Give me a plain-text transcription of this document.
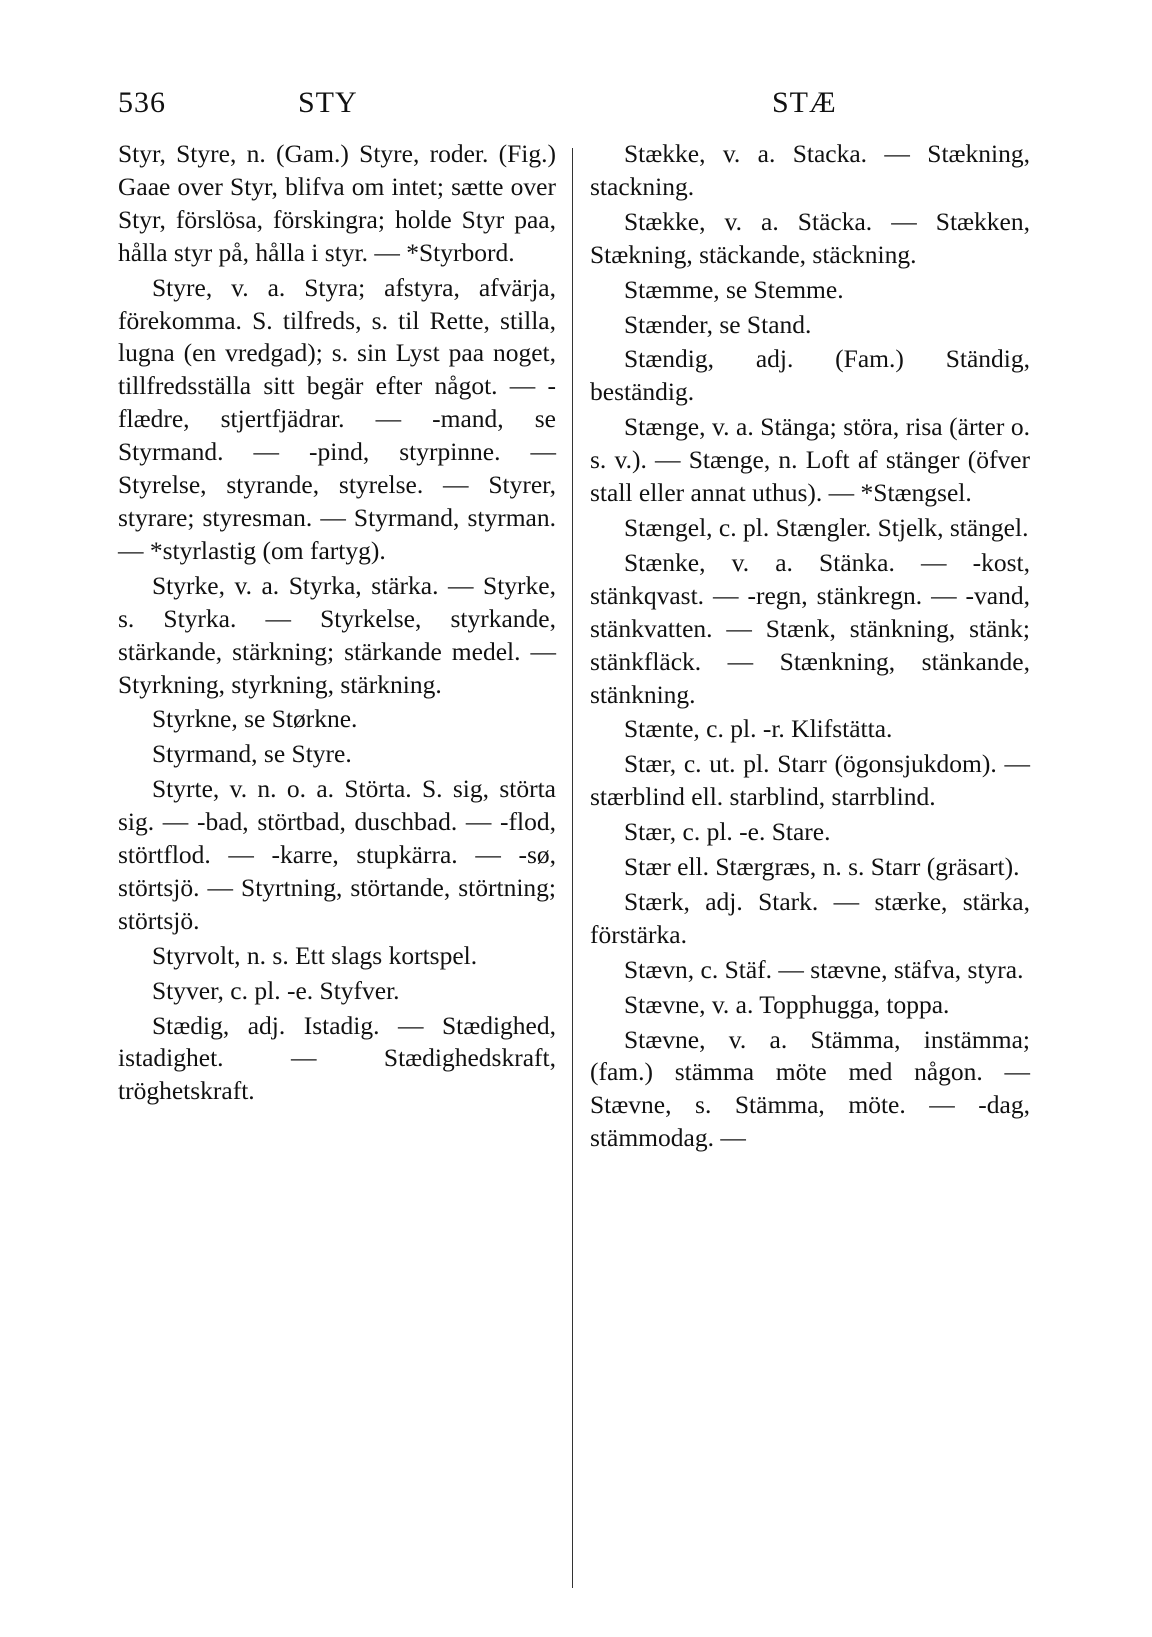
536	STY	STÆ

Styr, Styre, n. (Gam.) Styre, roder. (Fig.) Gaae over Styr, blifva om intet; sætte over Styr, förslösa, förskingra; holde Styr paa, hålla styr på, hålla i styr. — *Styrbord.

Styre, v. a. Styra; afstyra, afvärja, förekomma. S. tilfreds, s. til Rette, stilla, lugna (en vredgad); s. sin Lyst paa noget, tillfredsställa sitt begär efter något. — -flædre, stjertfjädrar. — -mand, se Styrmand. — -pind, styrpinne. — Styrelse, styrande, styrelse. — Styrer, styrare; styresman. — Styrmand, styrman. — *styrlastig (om fartyg).

Styrke, v. a. Styrka, stärka. — Styrke, s. Styrka. — Styrkelse, styrkande, stärkande, stärkning; stärkande medel. — Styrkning, styrkning, stärkning.

Styrkne, se Størkne.

Styrmand, se Styre.

Styrte, v. n. o. a. Störta. S. sig, störta sig. — -bad, störtbad, duschbad. — -flod, störtflod. — -karre, stupkärra. — -sø, störtsjö. — Styrtning, störtande, störtning; störtsjö.

Styrvolt, n. s. Ett slags kortspel.

Styver, c. pl. -e. Styfver.

Stædig, adj. Istadig. — Stædighed, istadighet. — Stædighedskraft, tröghetskraft.

Stække, v. a. Stacka. — Stækning, stackning.

Stække, v. a. Stäcka. — Stækken, Stækning, stäckande, stäckning.

Stæmme, se Stemme.

Stænder, se Stand.

Stændig, adj. (Fam.) Ständig, beständig.

Stænge, v. a. Stänga; störa, risa (ärter o. s. v.). — Stænge, n. Loft af stänger (öfver stall eller annat uthus). — *Stængsel.

Stængel, c. pl. Stængler. Stjelk, stängel.

Stænke, v. a. Stänka. — -kost, stänkqvast. — -regn, stänkregn. — -vand, stänkvatten. — Stænk, stänkning, stänk; stänkfläck. — Stænkning, stänkande, stänkning.

Stænte, c. pl. -r. Klifstätta.

Stær, c. ut. pl. Starr (ögonsjukdom). — stærblind ell. starblind, starrblind.

Stær, c. pl. -e. Stare.

Stær ell. Stærgræs, n. s. Starr (gräsart).

Stærk, adj. Stark. — stærke, stärka, förstärka.

Stævn, c. Stäf. — stævne, stäfva, styra.

Stævne, v. a. Topphugga, toppa.

Stævne, v. a. Stämma, instämma; (fam.) stämma möte med någon. — Stævne, s. Stämma, möte. — -dag, stämmodag. —
